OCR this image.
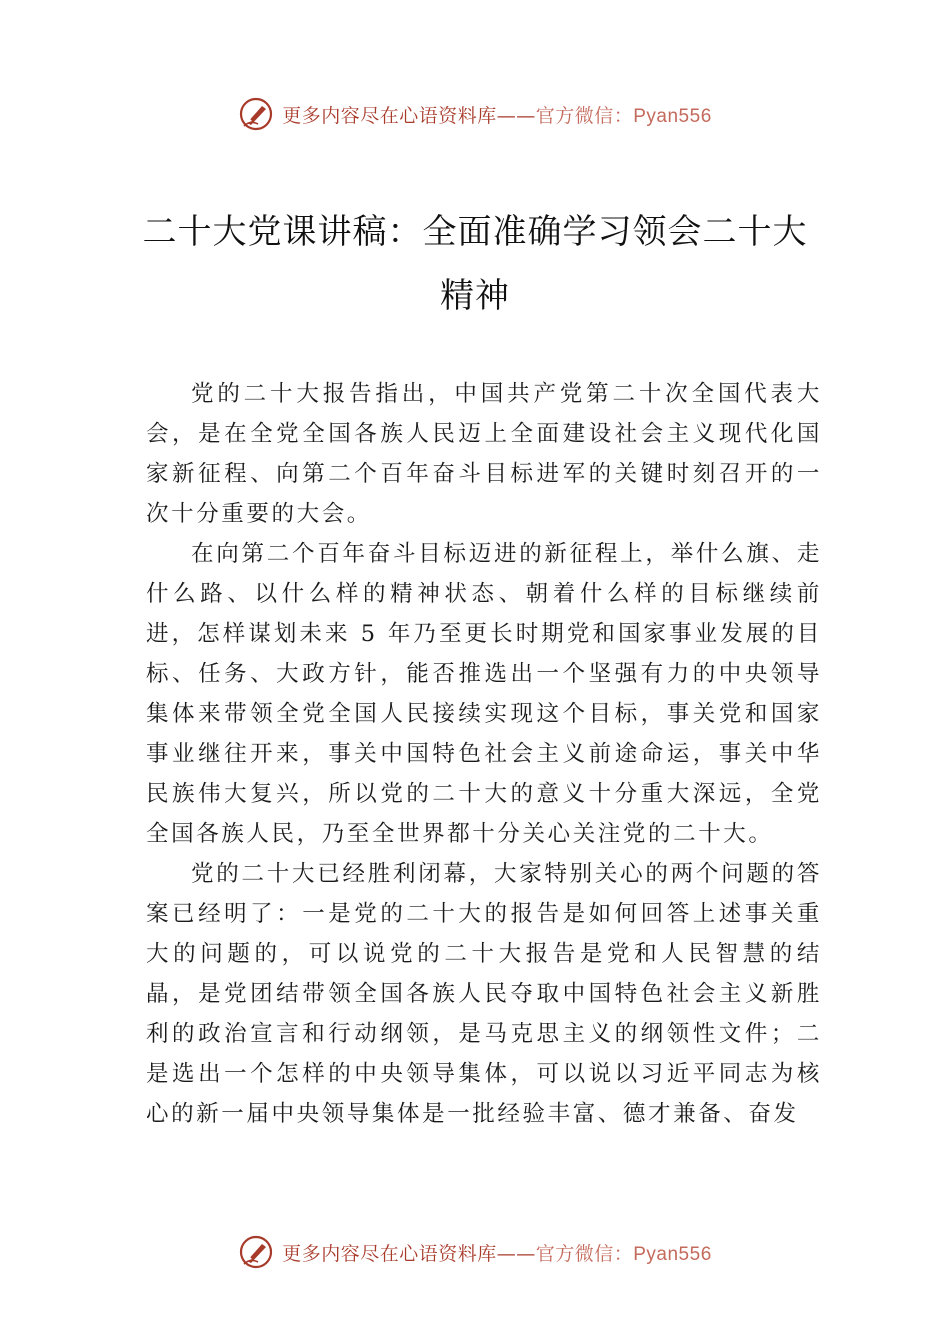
更多内容尽在心语资料库——官方微信：Pyan556
二十大党课讲稿：全面准确学习领会二十大精神

党的二十大报告指出，中国共产党第二十次全国代表大会，是在全党全国各族人民迈上全面建设社会主义现代化国家新征程、向第二个百年奋斗目标进军的关键时刻召开的一次十分重要的大会。

在向第二个百年奋斗目标迈进的新征程上，举什么旗、走什么路、以什么样的精神状态、朝着什么样的目标继续前进，怎样谋划未来 5 年乃至更长时期党和国家事业发展的目标、任务、大政方针，能否推选出一个坚强有力的中央领导集体来带领全党全国人民接续实现这个目标，事关党和国家事业继往开来，事关中国特色社会主义前途命运，事关中华民族伟大复兴，所以党的二十大的意义十分重大深远，全党全国各族人民，乃至全世界都十分关心关注党的二十大。

党的二十大已经胜利闭幕，大家特别关心的两个问题的答案已经明了：一是党的二十大的报告是如何回答上述事关重大的问题的，可以说党的二十大报告是党和人民智慧的结晶，是党团结带领全国各族人民夺取中国特色社会主义新胜利的政治宣言和行动纲领，是马克思主义的纲领性文件；二是选出一个怎样的中央领导集体，可以说以习近平同志为核心的新一届中央领导集体是一批经验丰富、德才兼备、奋发

更多内容尽在心语资料库——官方微信：Pyan556
